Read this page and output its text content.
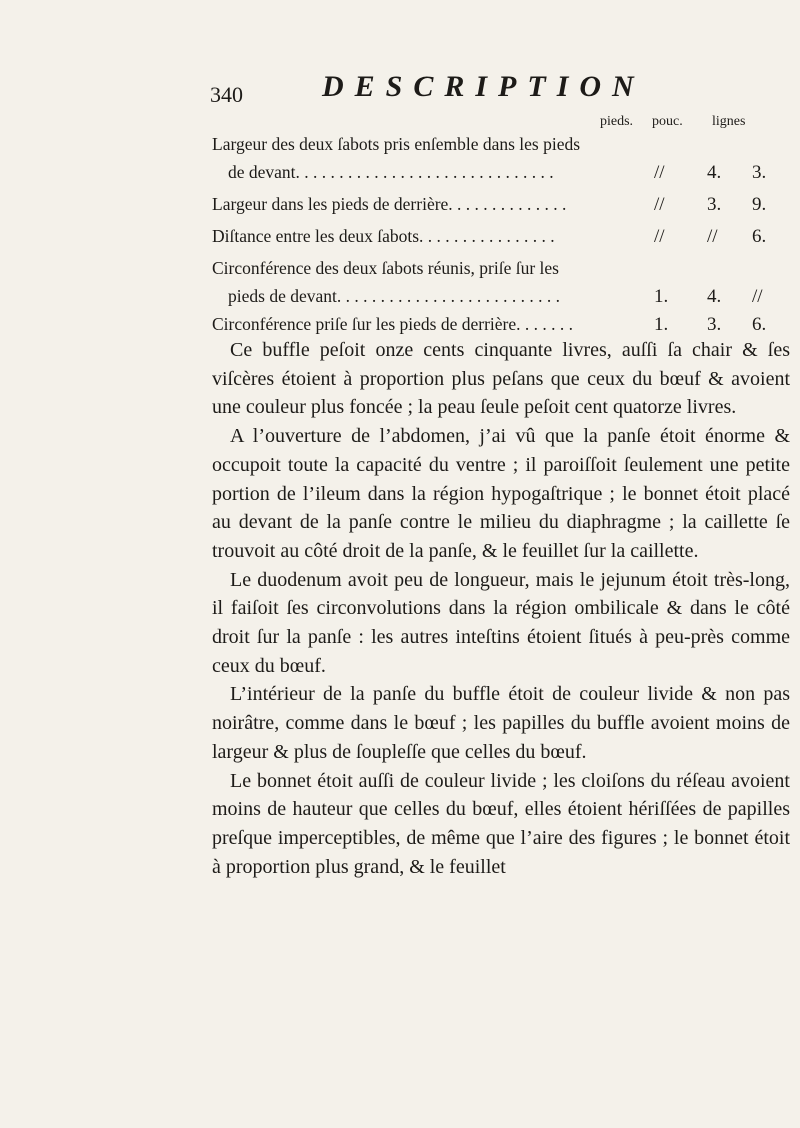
340	DESCRIPTION
pieds. pouc. lignes
Largeur des deux ſabots pris enſemble dans les pieds
de devant. . . . . . . . . . . . . . . . . . . . . . . . . . . . . .	// 4. 3.
Largeur dans les pieds de derrière. . . . . . . . . . . . . .	// 3. 9.
Diſtance entre les deux ſabots. . . . . . . . . . . . . . . .	// // 6.
Circonférence des deux ſabots réunis, priſe ſur les
pieds de devant. . . . . . . . . . . . . . . . . . . . . . . . . .	1. 4. //
Circonférence priſe ſur les pieds de derrière. . . . . . .	1. 3. 6.

Ce buffle peſoit onze cents cinquante livres, auſſi ſa chair & ſes viſcères étoient à proportion plus peſans que ceux du bœuf & avoient une couleur plus foncée ; la peau ſeule peſoit cent quatorze livres.

A l’ouverture de l’abdomen, j’ai vû que la panſe étoit énorme & occupoit toute la capacité du ventre ; il paroiſſoit ſeulement une petite portion de l’ileum dans la région hypogaſtrique ; le bonnet étoit placé au devant de la panſe contre le milieu du diaphragme ; la caillette ſe trouvoit au côté droit de la panſe, & le feuillet ſur la caillette.

Le duodenum avoit peu de longueur, mais le jejunum étoit très-long, il faiſoit ſes circonvolutions dans la région ombilicale & dans le côté droit ſur la panſe : les autres inteſtins étoient ſitués à peu-près comme ceux du bœuf.

L’intérieur de la panſe du buffle étoit de couleur livide & non pas noirâtre, comme dans le bœuf ; les papilles du buffle avoient moins de largeur & plus de ſoupleſſe que celles du bœuf.

Le bonnet étoit auſſi de couleur livide ; les cloiſons du réſeau avoient moins de hauteur que celles du bœuf, elles étoient hériſſées de papilles preſque imperceptibles, de même que l’aire des figures ; le bonnet étoit à proportion plus grand, & le feuillet
